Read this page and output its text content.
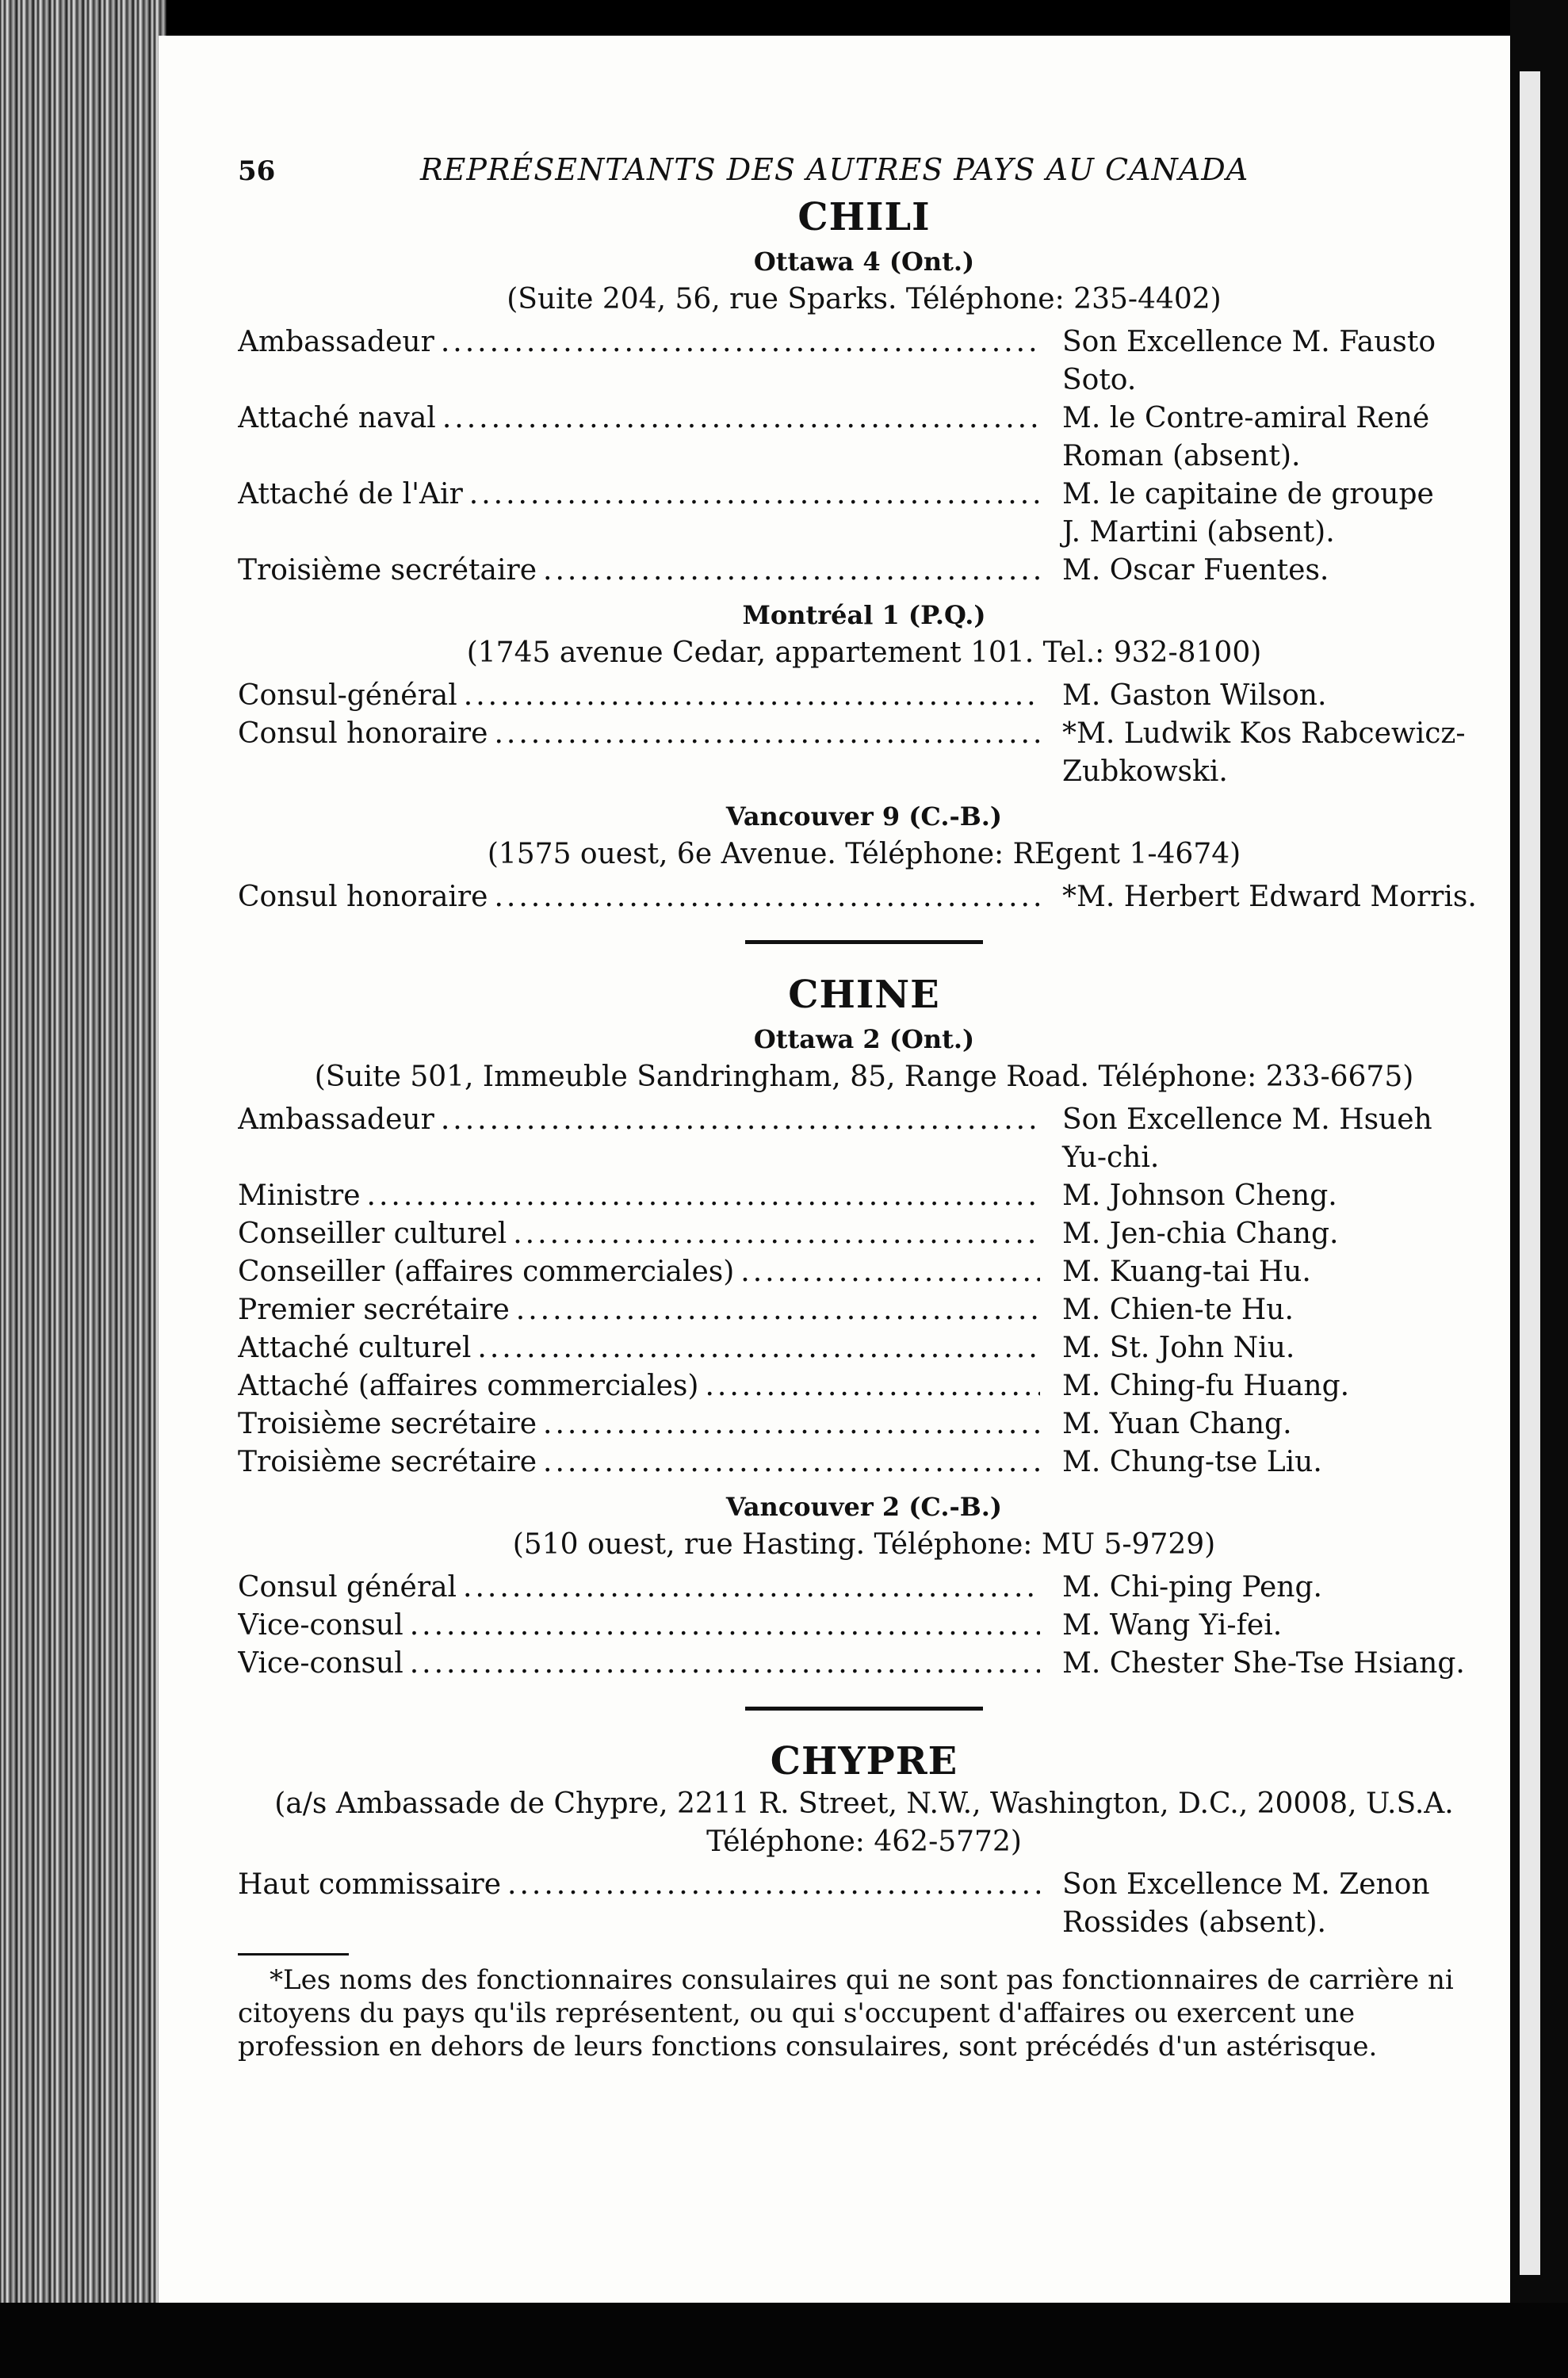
56	REPRÉSENTANTS DES AUTRES PAYS AU CANADA
CHILI
Ottawa 4 (Ont.)
(Suite 204, 56, rue Sparks. Téléphone: 235-4402)
Ambassadeur .....	Son Excellence M. Fausto Soto.
Attaché naval .....	M. le Contre-amiral René
Roman (absent).
Attaché de l'Air .....	M. le capitaine de groupe
J. Martini (absent).
Troisième secrétaire .....	M. Oscar Fuentes.
Montréal 1 (P.Q.)
(1745 avenue Cedar, appartement 101. Tel.: 932-8100)
Consul-général .....	M. Gaston Wilson.
Consul honoraire .....	*M. Ludwik Kos Rabcewicz-
Zubkowski.
Vancouver 9 (C.-B.)
(1575 ouest, 6e Avenue. Téléphone: REgent 1-4674)
Consul honoraire .....	*M. Herbert Edward Morris.
CHINE
Ottawa 2 (Ont.)
(Suite 501, Immeuble Sandringham, 85, Range Road. Téléphone: 233-6675)
Ambassadeur .....	Son Excellence M. Hsueh
Yu-chi.
Ministre .....	M. Johnson Cheng.
Conseiller culturel .....	M. Jen-chia Chang.
Conseiller (affaires commerciales) .....	M. Kuang-tai Hu.
Premier secrétaire .....	M. Chien-te Hu.
Attaché culturel .....	M. St. John Niu.
Attaché (affaires commerciales) .....	M. Ching-fu Huang.
Troisième secrétaire .....	M. Yuan Chang.
Troisième secrétaire .....	M. Chung-tse Liu.
Vancouver 2 (C.-B.)
(510 ouest, rue Hasting. Téléphone: MU 5-9729)
Consul général .....	M. Chi-ping Peng.
Vice-consul .....	M. Wang Yi-fei.
Vice-consul .....	M. Chester She-Tse Hsiang.
CHYPRE
(a/s Ambassade de Chypre, 2211 R. Street, N.W., Washington, D.C., 20008, U.S.A. Téléphone: 462-5772)
Haut commissaire .....	Son Excellence M. Zenon
Rossides (absent).
*Les noms des fonctionnaires consulaires qui ne sont pas fonctionnaires de carrière ni citoyens du pays qu'ils représentent, ou qui s'occupent d'affaires ou exercent une profession en dehors de leurs fonctions consulaires, sont précédés d'un astérisque.
